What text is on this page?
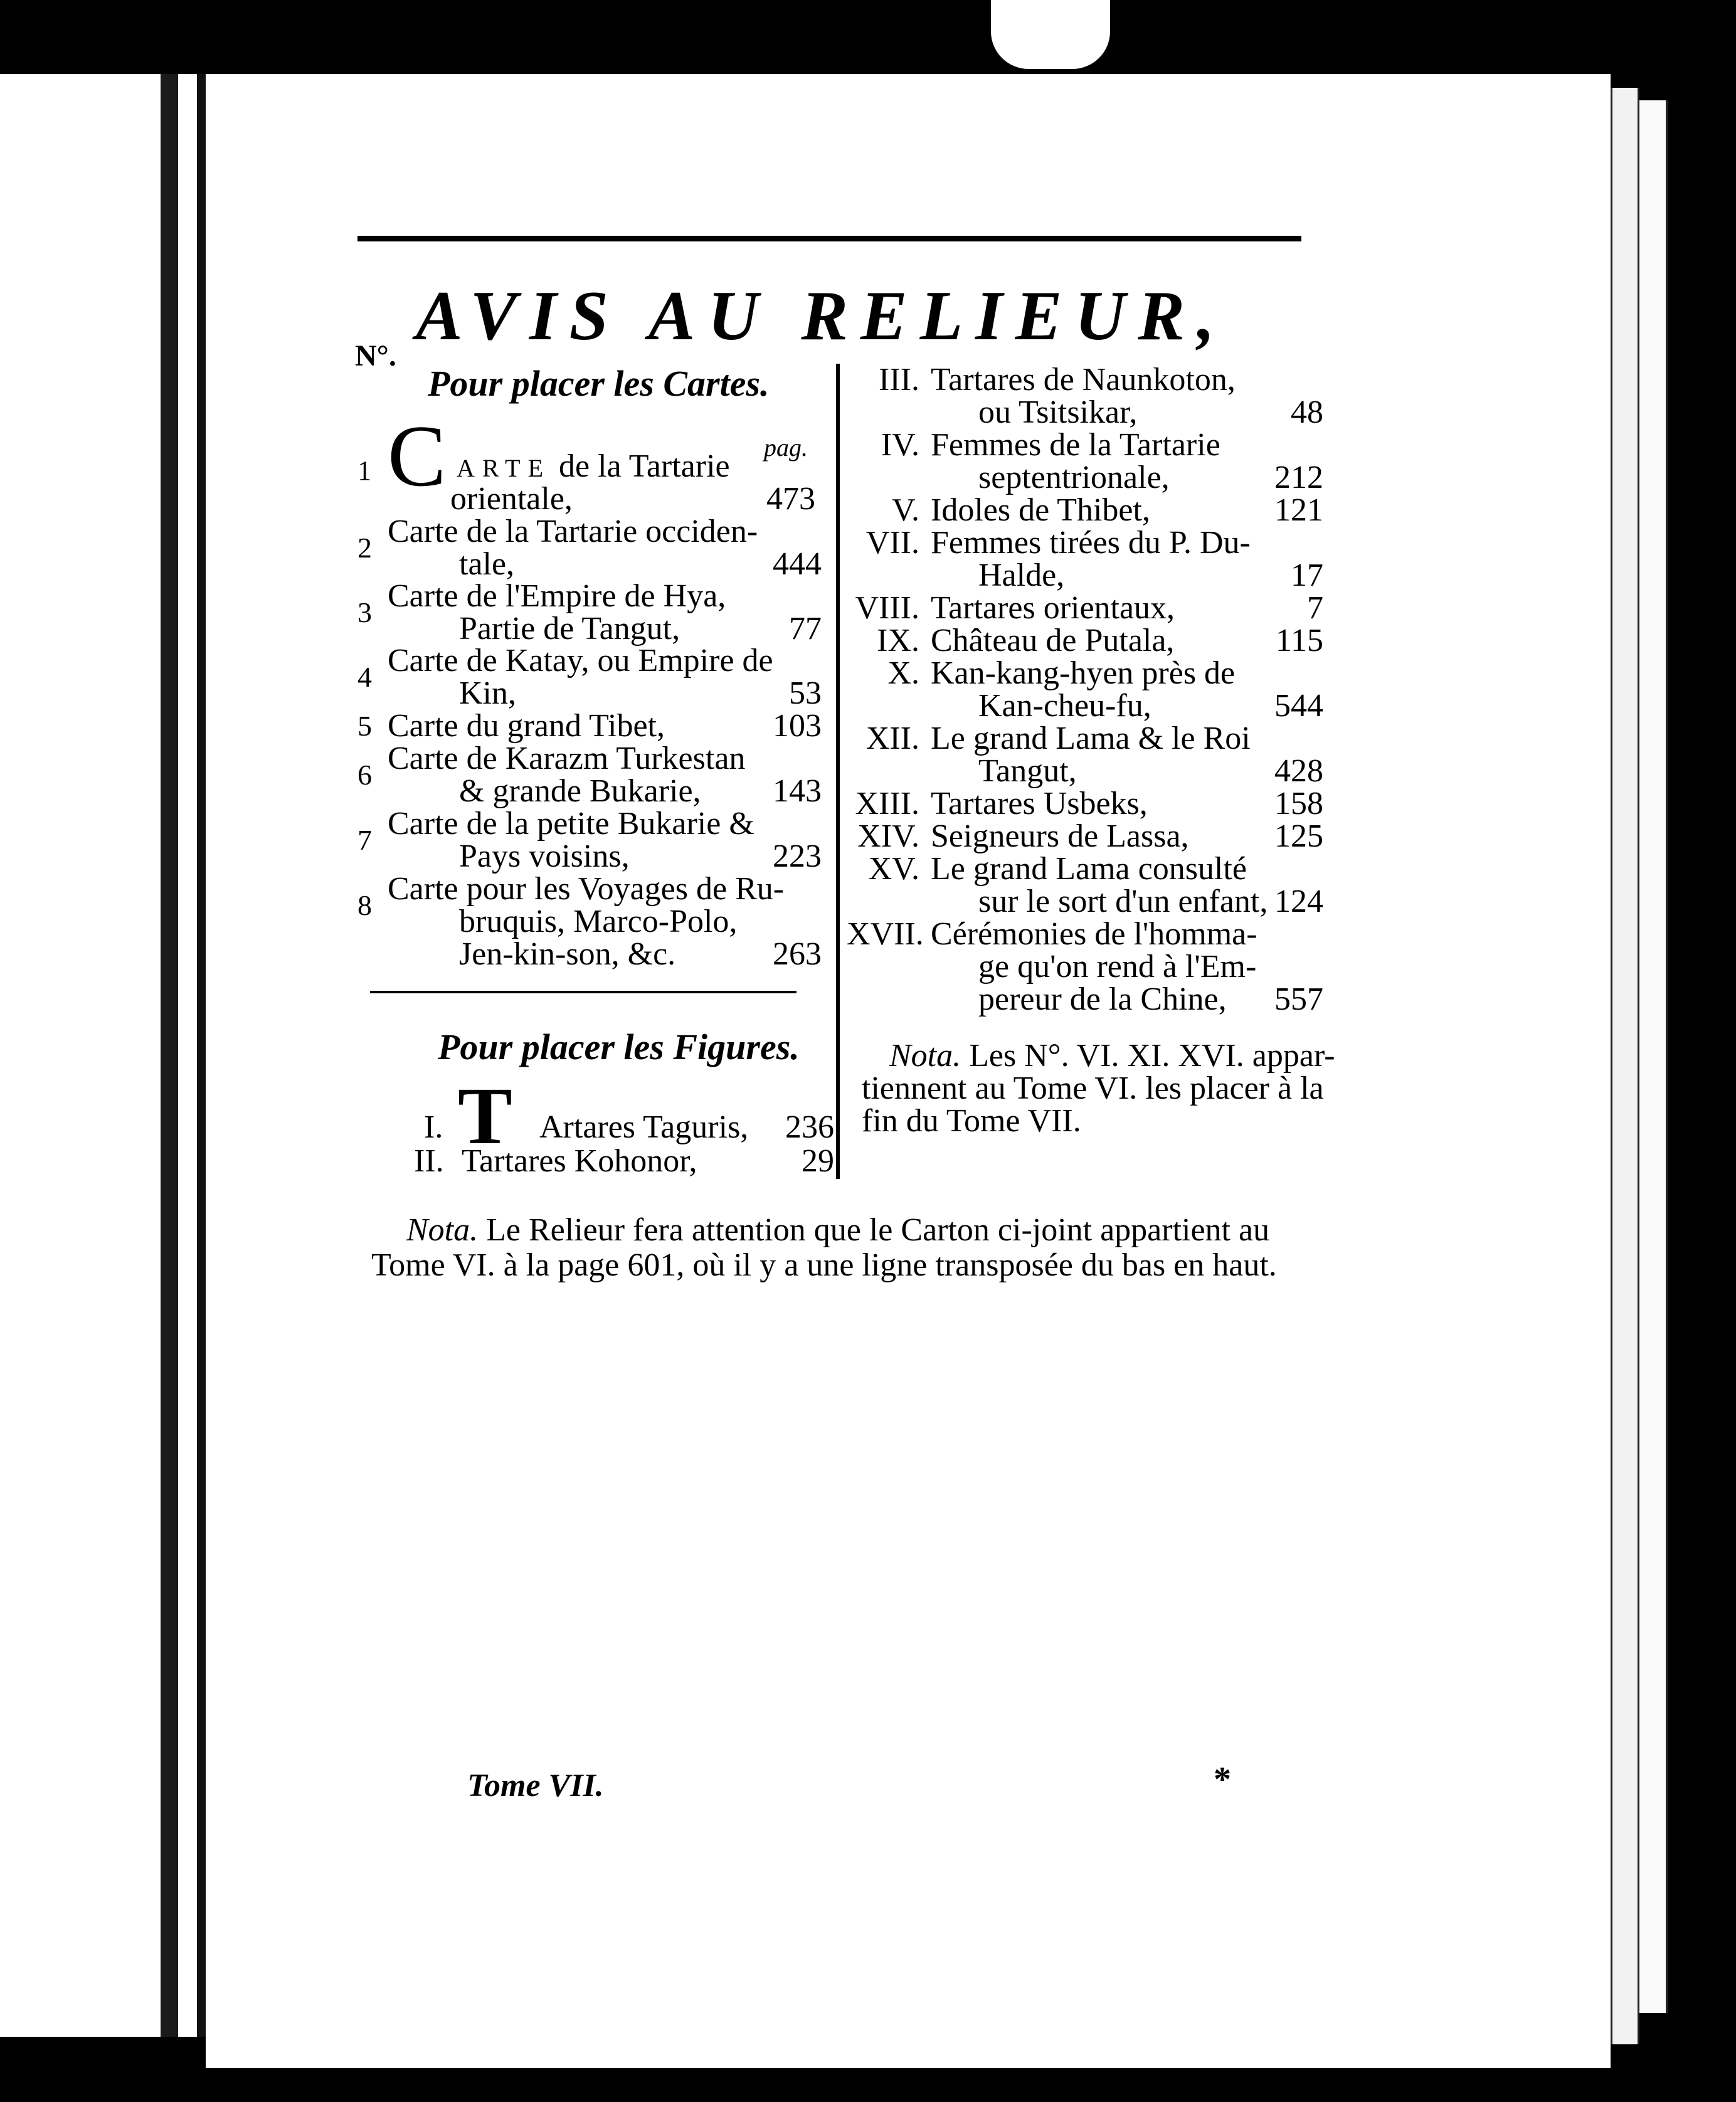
AVIS AU RELIEUR,
N°.
Pour placer les Cartes.
pag.
1 C ARTE de la Tartarie
orientale,	473
Pour placer les Figures.
I. T Artares Taguris,	236
II. Tartares Kohonor,	29
Nota. Les N°. VI. XI. XVI. appar-
tiennent au Tome VI. les placer à la
fin du Tome VII.
Nota. Le Relieur fera attention que le Carton ci-joint appartient au
Tome VI. à la page 601, où il y a une ligne transposée du bas en haut.
Tome VII.	*
2 Carte de la Tartarie occiden-
tale,	444
3 Carte de l'Empire de Hya,
Partie de Tangut,	77
4 Carte de Katay, ou Empire de
Kin,	53
5 Carte du grand Tibet,	103
6 Carte de Karazm Turkestan
& grande Bukarie,	143
7 Carte de la petite Bukarie &
Pays voisins,	223
8 Carte pour les Voyages de Ru-
bruquis, Marco-Polo,
Jen-kin-son, &c.	263
III. Tartares de Naunkoton,
ou Tsitsikar,	48
IV. Femmes de la Tartarie
septentrionale,	212
V. Idoles de Thibet,	121
VII. Femmes tirées du P. Du-
Halde,	17
VIII. Tartares orientaux,	7
IX. Château de Putala,	115
X. Kan-kang-hyen près de
Kan-cheu-fu,	544
XII. Le grand Lama & le Roi
Tangut,	428
XIII. Tartares Usbeks,	158
XIV. Seigneurs de Lassa,	125
XV. Le grand Lama consulté
sur le sort d'un enfant, 124
XVII. Cérémonies de l'homma-
ge qu'on rend à l'Em-
pereur de la Chine,	557
